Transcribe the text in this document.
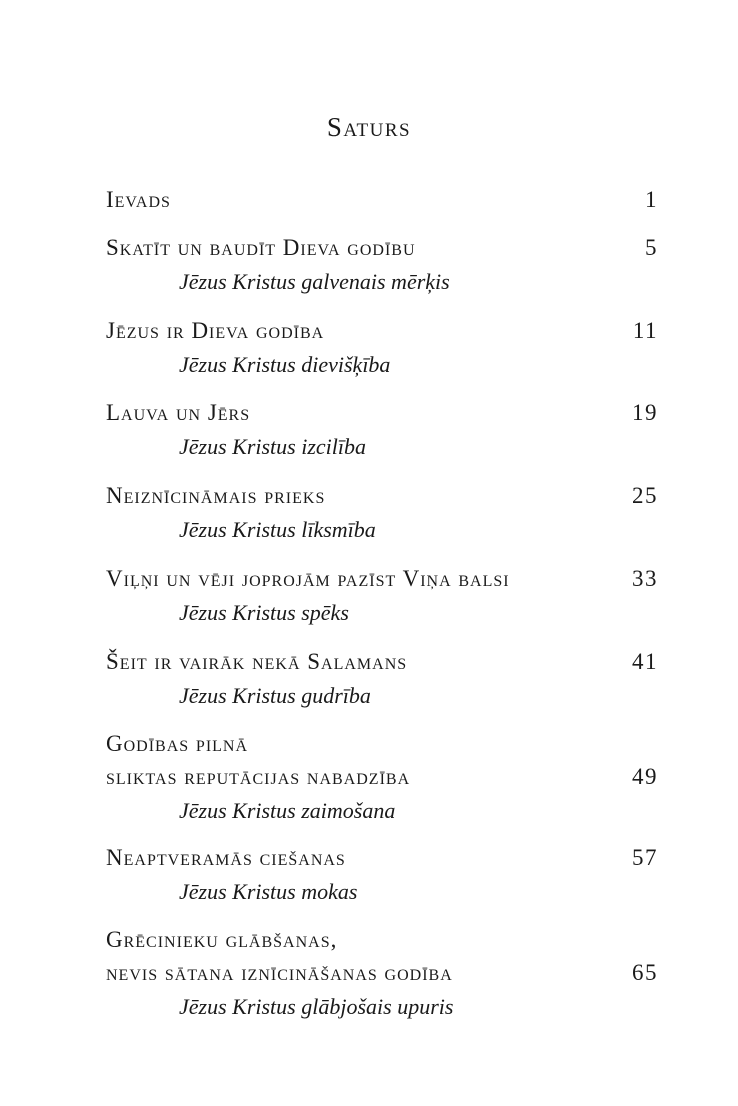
Saturs
Ievads	1
Skatīt un baudīt Dieva godību	5
Jēzus Kristus galvenais mērķis
Jēzus ir Dieva godība	11
Jēzus Kristus dievišķība
Lauva un Jērs	19
Jēzus Kristus izcilība
Neiznīcināmais prieks	25
Jēzus Kristus līksmība
Viļņi un vēji joprojām pazīst Viņa balsi	33
Jēzus Kristus spēks
Šeit ir vairāk nekā Salamans	41
Jēzus Kristus gudrība
Godības pilnā
sliktas reputācijas nabadzība	49
Jēzus Kristus zaimošana
Neaptveramās ciešanas	57
Jēzus Kristus mokas
Grēcinieku glābšanas,
nevis sātana iznīcināšanas godība	65
Jēzus Kristus glābjošais upuris
